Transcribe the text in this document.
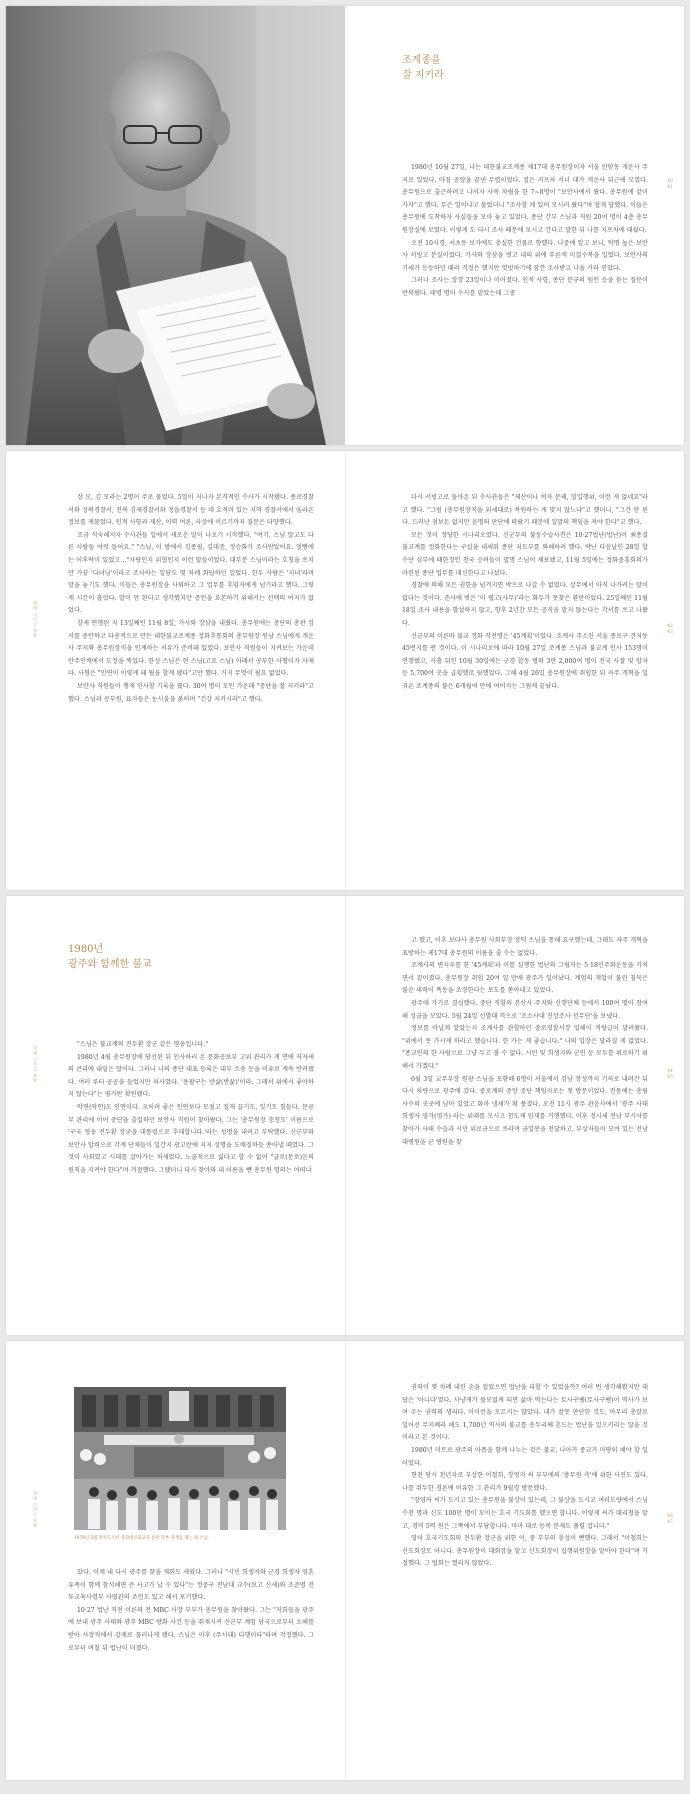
조계종을
잘 지키라

1980년 10월 27일, 나는 대한불교조계종 제17대 총무원장이자 서울 안암동 개운사 주지로 있었다. 아침 공양을 끝낸 무렵이었다. 검은 지프차 서너 대가 개운사 뒤근에 모였다. 총무원으로 출근하려고 나서자 사복 차림을 한 7~8명이 "보안사에서 왔다. 총무원에 같이 가자"고 했다. 무슨 일이냐고 물었더니 "조사할 게 있어 모시러 왔다"며 협게 답했다. 이들은 총무원에 도착하자 사실들을 모아 놓고 있었다. 종단 간부 스님과 직원 20여 명이 4층 총무원장실에 모였다. 이렇게 도 다시 조사 때문에 모시고 간다고 말한 뒤 나를 지프차에 태웠다.

오전 10시경, 서초동 보가에도 충실한 건물로 향했다. 나중에 알고 보니, 악명 높은 보안사 서빙고 분실이었다. 가사와 장삼을 벗고 내의 위에 푸른색 미결수복을 입었다. 보안사의 기세가 등등하던 때라 걱정은 했지만 엇빗하기에 잠깐 조사받고 나올 거라 믿었다.

그러나 조사는 장장 23일이나 이어졌다. 인적 사항, 종단 분규의 원인 등을 묻는 질문이 반복됐다. 태명 명이 수사를 맡았는데 그중

40
41
명예 그리고 보람

장 모, 김 모라는 2명이 주로 물었다. 5일이 지나자 본격적인 수사가 시작됐다. 종로경찰서와 성북경찰서, 전북 김제경찰서와 정읍경찰서 등 네 호적이 있는 지역 경찰서에서 올라온 정보를 캐물었다. 인적 사항과 재산, 이력 여론, 사상에 이르기까지 질문은 다양했다.

조금 석숙해지자 수사관들 입에서 새로운 말이 나오기 시작했다. "여기, 스님 말고도 다른 사람들 여럿 들어요." "스님, 이 방에서 김종필, 김대중, 정승화가 조사받았어요. 얼빵에는 이후락이 있었고…"자랑인지 위협인지 이런 말들이었다. 대부분 스님이라는 호칭을 쓰지만 가끔 '다녀님'이라고 조사하는 일당도 몇 차례 화답하던 일었다. 한두 사람은 '지녀'라며 말을 놓기도 했다. 이들은 총무원장을 사퇴하고 그 업무를 후임자에게 넘기라고 했다. 그렇게 시간이 흘렀다. 말이 안 된다고 생각했지만 증인을 요본하기 위해서는 선택의 여지가 없었다.

강제 연행된 지 13일째인 11월 8일, 가사와 장삼을 내줬다. 총무원에는 중단의 총판 검서를 중안하고 타총적으로 만든 대한불교조계종 정화추통회의 총무원장 원남 스님에게 개운사 주지와 총무원장직을 인계하는 서류가 준비돼 있었다. 보안사 직원들이 지켜보는 가운데 안주인께에서 도장을 찍었다. 한성 스님은 현 스님(고요 스님) 아래서 공부한 사형이자 사제다. 사형은 "인연이 이렇게 돼 뭘을 할게 됐다"고만 했다. 거지 무엇이 필요 없었다.

보안사 직원들이 챙게 인사할 기록을 줬다. 30여 명이 모인 가운데 "중단을 잘 지키라"고 했다. 스님과 공부원, 표자들은 눈시울을 붉히며 "건강 지키시라"고 했다.

다시 서빙고로 돌아온 뒤 수사관들은 "제산이나 여자 문제, 밀입행위, 이런 게 없네요"라고 했다. "그럼 (총무원장직을 위세대로) 복원하는 게 맞지 않느냐"고 했더니, "그건 안 된다. 드러난 점보돈 없지만 윤명의 판단에 따랐기 때문에 일말의 책임을 져야 한다"고 했다.

모든 것이 정당한 시나리오였다. 신군부의 불둥수습사전은 10·27법난(법난)이 최종결 불교계를 정화한다는 구실을 내세워 종단 지도부를 와해하려 했다. 박난 다음날인 28일 합수단 심부에 때한정인 천국 승려들이 멸명 스님이 체포됐고, 11월 5일에는 정화중흥회의가 마련된 종단 업무를 대신한다고 나섰다.

경찰에 의해 모든 권한을 넘겨지면 박으로 나갈 수 없었다. 상무에서 아직 나가려는 말이 없다는 것이다. 준사에 벗은 '이 웹고(사무)'라는 화두가 못찾은 환만이었다. 25일째인 11월 18일 조사 내용을 발설하지 않고, 향후 2년간 모든 공직을 맡지 않는다는 각서를 쓰고 나왔다.

신군부의 이른바 불교 정화 작전명은 '45계획'이었다. 조계사 주소인 서울 종로구 견지동 45번지를 딴 것이다. 이 시나리오에 따라 10월 27일 조계종 스님과 불교계 인사 153명이 연행됐고, 사흘 뒤인 10월 30일에는 군경 합동 병력 3만 2,000여 명이 전국 사찰 및 암자 등 5,700여 곳을 급횡했로 뒷했었다. 그해 4월 26일 총무원장에 취임한 뒤 자주 개혁을 일궈온 조계종의 불은 6개월여 만에 여어지는 그림게 끝났다.

42
43
1980년
광주와 함께한 불교
명예 그리고 보람

"스님은 불교계의 전두환 장군 같은 영웅입니다."

1980년 4월 총무원장에 당선된 뒤 인사하러 온 문화공보부 고위 관리가 게 면에 저자세의 큰리에 내밀은 말이다. 그러나 나의 종단 대표 등록은 대부 소송 등을 이유로 계속 반려됐다. 여러 루터 공공을 들었지만 허사였다. '용팔구는 반삶(반삶)'이라. 그래서 위에서 좋아하지 않는다"는 평가만 확인됐다.

악연(악연)도 인연이다. 오히려 좋은 인연보다 모질고 질게 끌기도, 잊기도 힘들다. 문공부 관리에 이어 중단을 출입하던 보안사 직원이 찾아왔다. 그는 '총무원장 충청도' 이름으로 '구국 영웅 전두환 장군을 대통령으로 추대합니다.'라는 성명을 내려고 부탁했다. 신군부와 보안사 압력으로 각계 단체들이 일간지 광고란에 지지 성명을 도배질하듯 쏟아낼 때였다. 그것이 사회였고 시대를 살아가는 처세였다. 노골적으로 싫다고 할 수 없어 "글로(문로)운의 원칙을 지켜야 한다"며 거절했다. 그랬더니 다시 찾아와 내 이름을 뺀 총무원 명의는 어떠냐

고 했고, 이후 보다사 총무원 사회부장 장덕 스님을 통해 요구했는데, 그래도 자주 개혁을 표방하는 제17대 총무원의 이름을 줄 수는 없었다.

조계사의 변지우를 한 '45계획'과 이를 실행한 법난의 그림자는 5·18민주화운동을 거치면서 짙어졌다. 총무원장 취임 20여 일 만에 광주가 일어났다. 계엄의 개업이 불린 침묵은 불순 세력이 폭동을 조장한다는 보도를 쏟아내고 있었다.

광주에 가기로 결심했다. 중단 직할의 본산사 주지와 신행단체 등에서 100여 명이 참여해 성금을 모았다. 5월 24일 선발대 격으로 '조소사대 진상조사 선무단'을 보냈다.

정보를 아닐게 알았는지 조계사를 관할하던 중로경찰서장 밍해이 직랑급이 달려왔다. "위에서 못 가시게 하라고 했습니다. 한 가는 게 좋습니다." 나의 입장은 달라질 게 없었다. "종교인의 한 사람으로 그냥 두고 볼 수 없다. 시민 및 희생자와 군인 등 모두를 위로하기 위해서 가겠다."

6월 3일 교무부장 원광 스님을 포함해 6명이 서울에서 김남 장성까지 기차로 내려간 뒤 다시 차량으로 광주에 갔다. 중로계의 중앙 중단 책임자로는 첫 방문이었다. 전몸에는 총림 사수의 곳곳에 남아 있었고 화마 냄새가 확 풍겼다. 오전 11시 광주 관음사에서 '광주 사태 희생자 영가(영가) 라는 위패를 모시고 천도재 임재를 거행했다. 이후 정시세 전남 부시사를 찾아가 사태 수습과 시민 위로금으로 쓰라며 금일봉을 전달하고, 부상자들이 모여 있는 전남대병원을 군 병원을 찾

44
45
명예 그리고 보람
1978년 5월 무차도조선 중화대인회교육 통관 학부 경계를 맺는 정 스님.

았다. 이제 내 다시 광주를 찾을 재회도 세웠다. 그러나 "시민 희생자와 군경 희생자 영혼 유족이 함께 참석해면 큰 사고가 날 수 있다"는 정중구 전남대 교수(보고 신세)와 조준명 전투교육사령부 사령관의 조언도 있고 해서 포기했다.

10·27 법난 직전 이른의 전 MBC 사장 부부가 총무원을 찾아왔다. 그는 "저희들을 광주에 보내 광주 사태와 광주 MBC 방화 사건 등을 취재시켜 신군부 계엄 당국으로부터 오해를 받아 사장직에서 강제로 물러나게 됐다. 스님은 이후 (주시대) 디행이다"라며 걱정했다. 그로부터 며칠 뒤 법난이 터졌다.

권력이 몇 차례 내린 손을 잡았으면 법난을 피할 수 있었을까? 여러 번 생각해봤지만 대답은 '아니다'였다. 사냥개가 물모없게 되면 삶아 먹는다는 토사구팽(토사구팽)이 역사가 보여 주는 권력의 생리다. 이이런을 모르지는 않았다. 내가 잘못 판단한 것도, 아무리 총칼로 일어선 무지폐라 해도 1,700년 역사의 불교를 송두리째 흔드는 법난을 일으키리는 않을 것이라고 본 것이다.

1980년 미트로 광주의 아픔을 함께 나누는 것은 불교, 나아가 종교가 마땅히 해야 할 일이었다.

현천 당시 천년자로 부상한 이철희, 장영자 씨 부부에의 '총무원 측'에 위한 사진도 있다. 나를 쥐두한 경론에 비유한 그 관리가 9월경 방문했다.

"장영자 씨가 도시고 있는 총무원을 불상이 있는데, 그 불상을 도시고 여러도량에서 스님 수천 명과 신도 100만 명이 모이는 호국 기도회를 했으면 합니다. 이렇게 씨가 대리청을 맡고, 경비 5억 원은 그쪽에서 부담합니다. 아마 대로 등복 문제도 풀릴 겁니다."

영이 호국기도회의 전두환 장군을 위한 이, 중 부부의 충성이 뻔했다. 그래서 "이철희는 신도회장도 아니다. 총무원장이 대회장을 맡고 신도회장이 집행위원장을 맡아야 한다"며 거절했다. 그 법회는 열리지 않았다.

46
47
